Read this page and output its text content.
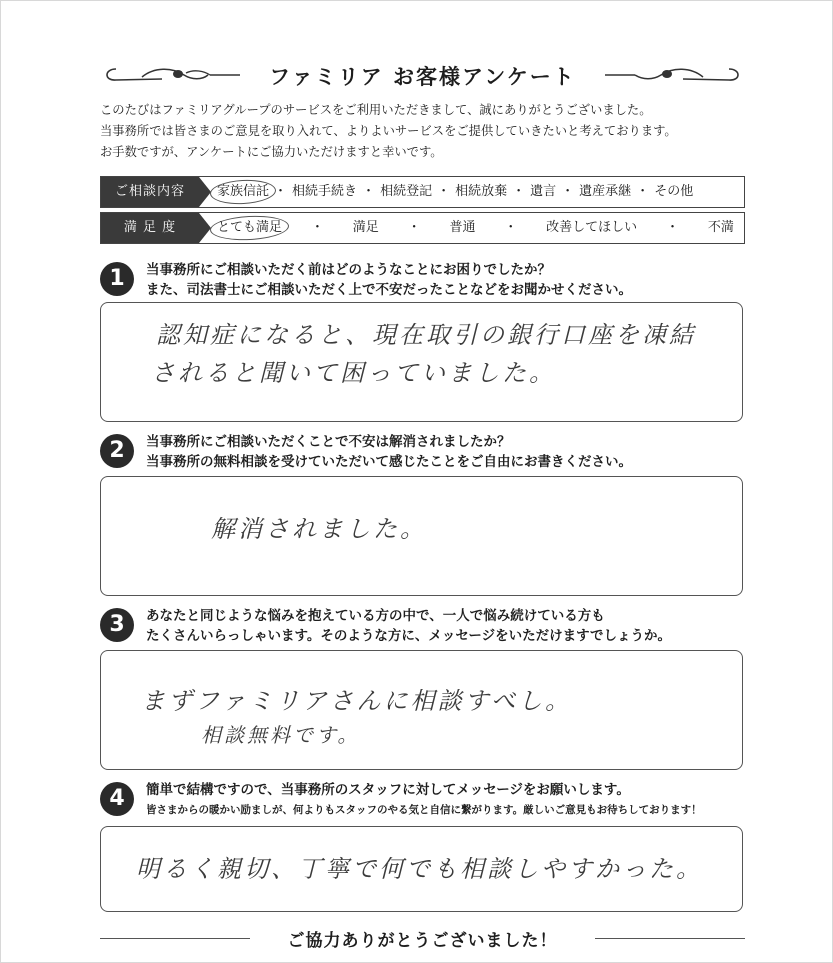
ファミリア お客様アンケート
このたびはファミリアグループのサービスをご利用いただきまして、誠にありがとうございました。
当事務所では皆さまのご意見を取り入れて、よりよいサービスをご提供していきたいと考えております。
お手数ですが、アンケートにご協力いただけますと幸いです。
ご相談内容	家族信託 ・ 相続手続き ・ 相続登記 ・ 相続放棄 ・ 遺言 ・ 遺産承継 ・ その他
満 足 度	とても満足 ・ 満足 ・ 普通 ・ 改善してほしい ・ 不満
1	当事務所にご相談いただく前はどのようなことにお困りでしたか？
また、司法書士にご相談いただく上で不安だったことなどをお聞かせください。
認知症になると、現在取引の銀行口座を凍結
されると聞いて困っていました。
2	当事務所にご相談いただくことで不安は解消されましたか？
当事務所の無料相談を受けていただいて感じたことをご自由にお書きください。
解消されました。
3	あなたと同じような悩みを抱えている方の中で、一人で悩み続けている方も
たくさんいらっしゃいます。そのような方に、メッセージをいただけますでしょうか。
まずファミリアさんに相談すべし。
相談無料です。
4	簡単で結構ですので、当事務所のスタッフに対してメッセージをお願いします。
皆さまからの暖かい励ましが、何よりもスタッフのやる気と自信に繋がります。厳しいご意見もお待ちしております！
明るく親切、丁寧で何でも相談しやすかった。
ご協力ありがとうございました！
